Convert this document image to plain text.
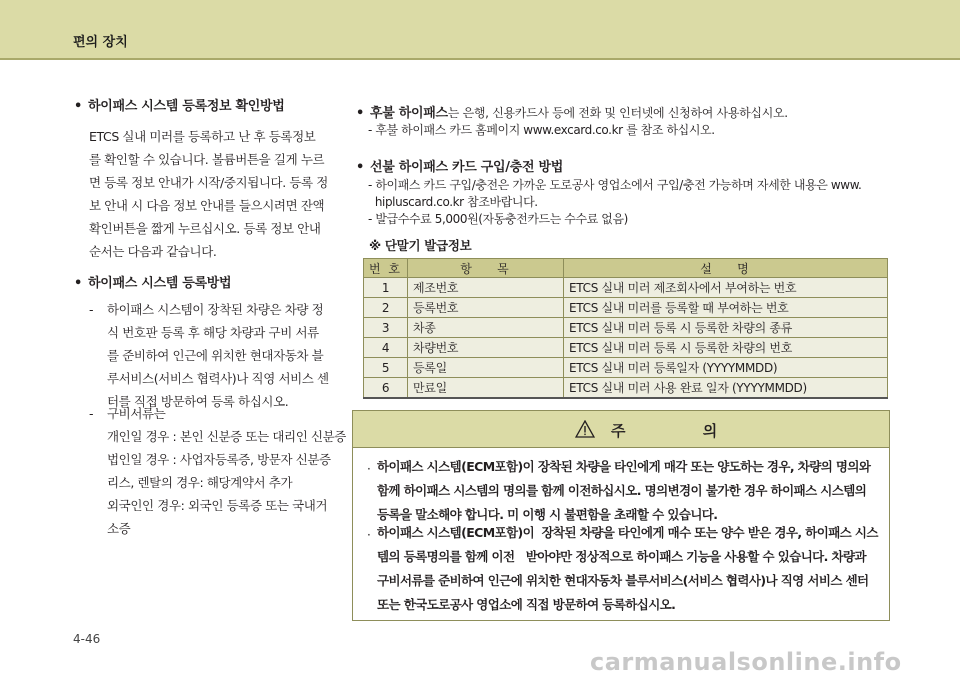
편의 장치
• 하이패스 시스템 등록정보 확인방법
ETCS 실내 미러를 등록하고 난 후 등록정보
를 확인할 수 있습니다. 볼륨버튼을 길게 누르
면 등록 정보 안내가 시작/중지됩니다. 등록 정
보 안내 시 다음 정보 안내를 들으시려면 잔액
확인버튼을 짧게 누르십시오. 등록 정보 안내
순서는 다음과 같습니다.
• 하이패스 시스템 등록방법
- 하이패스 시스템이 장착된 차량은 차량 정
식 번호판 등록 후 해당 차량과 구비 서류
를 준비하여 인근에 위치한 현대자동차 블
루서비스(서비스 협력사)나 직영 서비스 센
터를 직접 방문하여 등록 하십시오.
- 구비서류는
개인일 경우 : 본인 신분증 또는 대리인 신분증
법인일 경우 : 사업자등록증, 방문자 신분증
리스, 렌탈의 경우: 해당계약서 추가
외국인인 경우: 외국인 등록증 또는 국내거
소증
• 후불 하이패스는 은행, 신용카드사 등에 전화 및 인터넷에 신청하여 사용하십시오.
- 후불 하이패스 카드 홈페이지 www.excard.co.kr 를 참조 하십시오.
• 선불 하이패스 카드 구입/충전 방법
- 하이패스 카드 구입/충전은 가까운 도로공사 영업소에서 구입/충전 가능하며 자세한 내용은 www.
hipluscard.co.kr 참조바랍니다.
- 발급수수료 5,000원(자동충전카드는 수수료 없음)
※ 단말기 발급정보
번 호	항    목	설    명
1	제조번호	ETCS 실내 미러 제조회사에서 부여하는 번호
2	등록번호	ETCS 실내 미러를 등록할 때 부여하는 번호
3	차종	ETCS 실내 미러 등록 시 등록한 차량의 종류
4	차량번호	ETCS 실내 미러 등록 시 등록한 차량의 번호
5	등록일	ETCS 실내 미러 등록일자 (YYYYMMDD)
6	만료일	ETCS 실내 미러 사용 완료 일자 (YYYYMMDD)
주 의
· 하이패스 시스템(ECM포함)이 장착된 차량을 타인에게 매각 또는 양도하는 경우, 차량의 명의와
함께 하이패스 시스템의 명의를 함께 이전하십시오. 명의변경이 불가한 경우 하이패스 시스템의
등록을 말소해야 합니다. 미 이행 시 불편함을 초래할 수 있습니다.
· 하이패스 시스템(ECM포함)이  장착된 차량을 타인에게 매수 또는 양수 받은 경우, 하이패스 시스
템의 등록명의를 함께 이전   받아야만 정상적으로 하이패스 기능을 사용할 수 있습니다. 차량과
구비서류를 준비하여 인근에 위치한 현대자동차 블루서비스(서비스 협력사)나 직영 서비스 센터
또는 한국도로공사 영업소에 직접 방문하여 등록하십시오.
4-46
carmanualsonline.info
